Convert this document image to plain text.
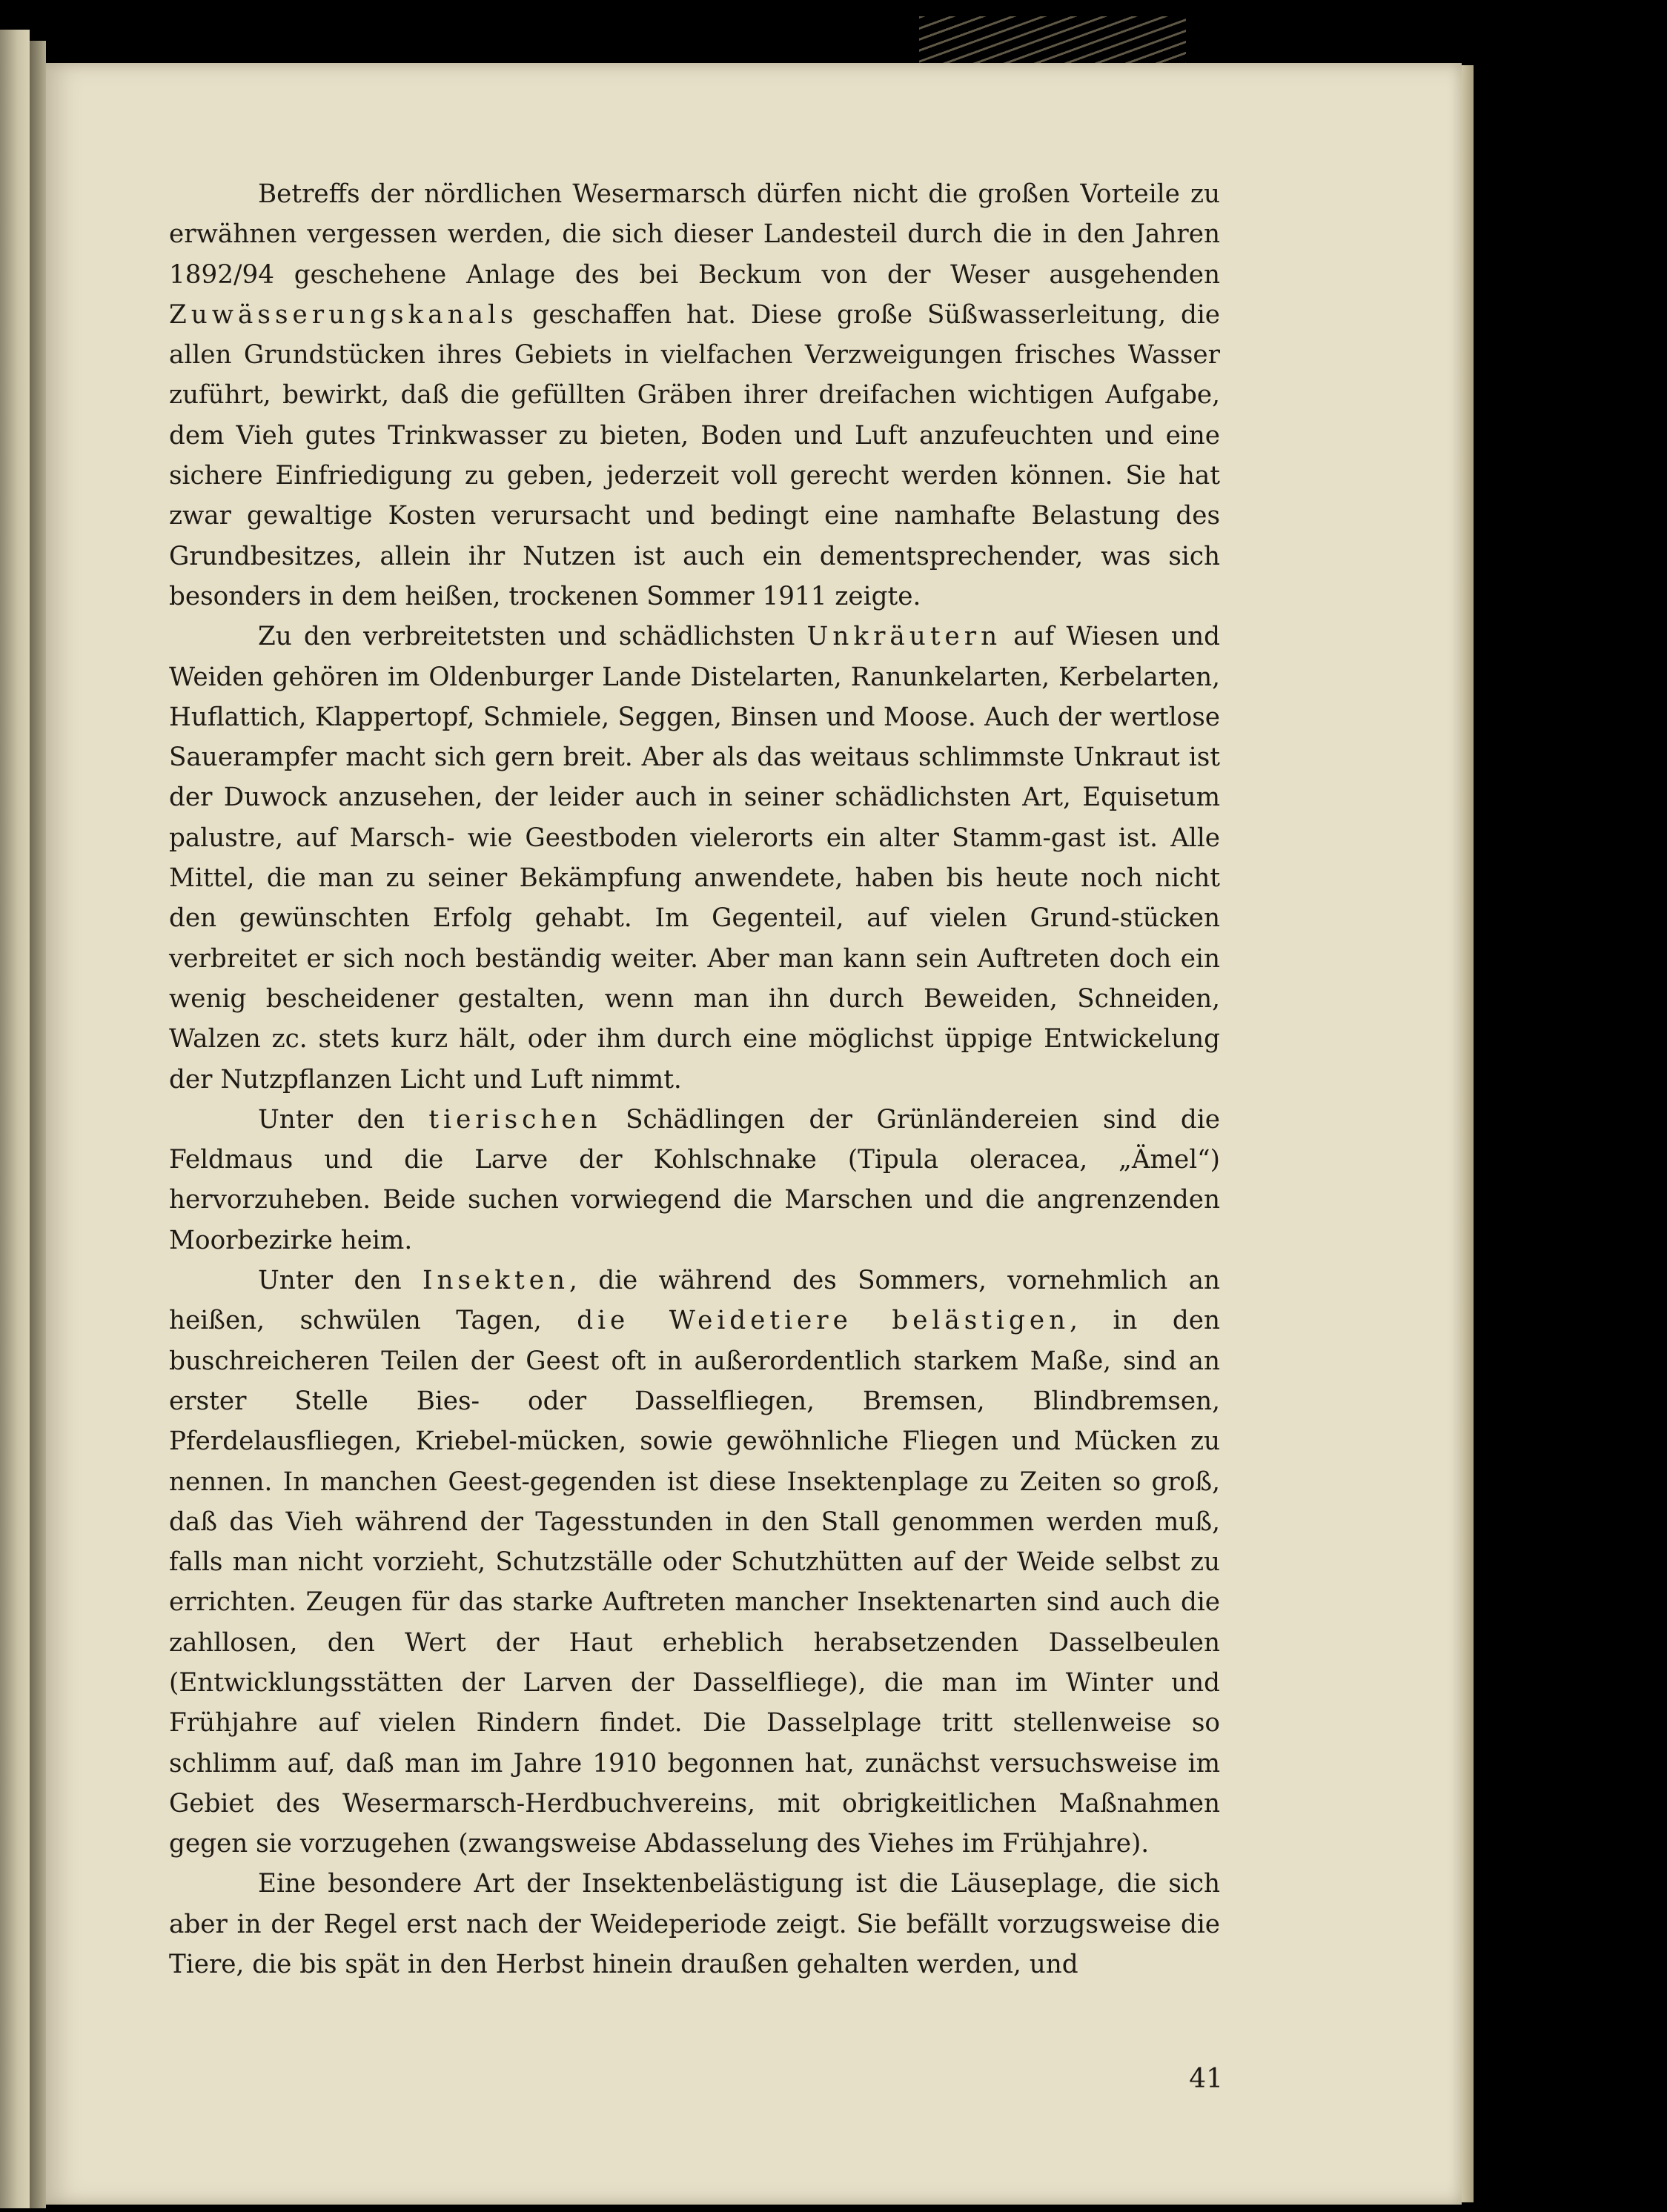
Betreffs der nördlichen Wesermarsch dürfen nicht die großen Vorteile zu erwähnen vergessen werden, die sich dieser Landesteil durch die in den Jahren 1892/94 geschehene Anlage des bei Beckum von der Weser ausgehenden Zuwässerungskanals geschaffen hat. Diese große Süßwasserleitung, die allen Grundstücken ihres Gebiets in vielfachen Verzweigungen frisches Wasser zuführt, bewirkt, daß die gefüllten Gräben ihrer dreifachen wichtigen Aufgabe, dem Vieh gutes Trinkwasser zu bieten, Boden und Luft anzufeuchten und eine sichere Einfriedigung zu geben, jederzeit voll gerecht werden können. Sie hat zwar gewaltige Kosten verursacht und bedingt eine namhafte Belastung des Grundbesitzes, allein ihr Nutzen ist auch ein dementsprechender, was sich besonders in dem heißen, trockenen Sommer 1911 zeigte.

Zu den verbreitetsten und schädlichsten Unkräutern auf Wiesen und Weiden gehören im Oldenburger Lande Distelarten, Ranunkelarten, Kerbelarten, Huflattich, Klappertopf, Schmiele, Seggen, Binsen und Moose. Auch der wertlose Sauerampfer macht sich gern breit. Aber als das weitaus schlimmste Unkraut ist der Duwock anzusehen, der leider auch in seiner schädlichsten Art, Equisetum palustre, auf Marsch- wie Geestboden vielerorts ein alter Stamm-gast ist. Alle Mittel, die man zu seiner Bekämpfung anwendete, haben bis heute noch nicht den gewünschten Erfolg gehabt. Im Gegenteil, auf vielen Grund-stücken verbreitet er sich noch beständig weiter. Aber man kann sein Auftreten doch ein wenig bescheidener gestalten, wenn man ihn durch Beweiden, Schneiden, Walzen zc. stets kurz hält, oder ihm durch eine möglichst üppige Entwickelung der Nutzpflanzen Licht und Luft nimmt.

Unter den tierischen Schädlingen der Grünländereien sind die Feldmaus und die Larve der Kohlschnake (Tipula oleracea, „Ämel“) hervorzuheben. Beide suchen vorwiegend die Marschen und die angrenzenden Moorbezirke heim.

Unter den Insekten, die während des Sommers, vornehmlich an heißen, schwülen Tagen, die Weidetiere belästigen, in den buschreicheren Teilen der Geest oft in außerordentlich starkem Maße, sind an erster Stelle Bies- oder Dasselfliegen, Bremsen, Blindbremsen, Pferdelausfliegen, Kriebel-mücken, sowie gewöhnliche Fliegen und Mücken zu nennen. In manchen Geest-gegenden ist diese Insektenplage zu Zeiten so groß, daß das Vieh während der Tagesstunden in den Stall genommen werden muß, falls man nicht vorzieht, Schutzställe oder Schutzhütten auf der Weide selbst zu errichten. Zeugen für das starke Auftreten mancher Insektenarten sind auch die zahllosen, den Wert der Haut erheblich herabsetzenden Dasselbeulen (Entwicklungsstätten der Larven der Dasselfliege), die man im Winter und Frühjahre auf vielen Rindern findet. Die Dasselplage tritt stellenweise so schlimm auf, daß man im Jahre 1910 begonnen hat, zunächst versuchsweise im Gebiet des Wesermarsch-Herdbuchvereins, mit obrigkeitlichen Maßnahmen gegen sie vorzugehen (zwangsweise Abdasselung des Viehes im Frühjahre).

Eine besondere Art der Insektenbelästigung ist die Läuseplage, die sich aber in der Regel erst nach der Weideperiode zeigt. Sie befällt vorzugsweise die Tiere, die bis spät in den Herbst hinein draußen gehalten werden, und

41
